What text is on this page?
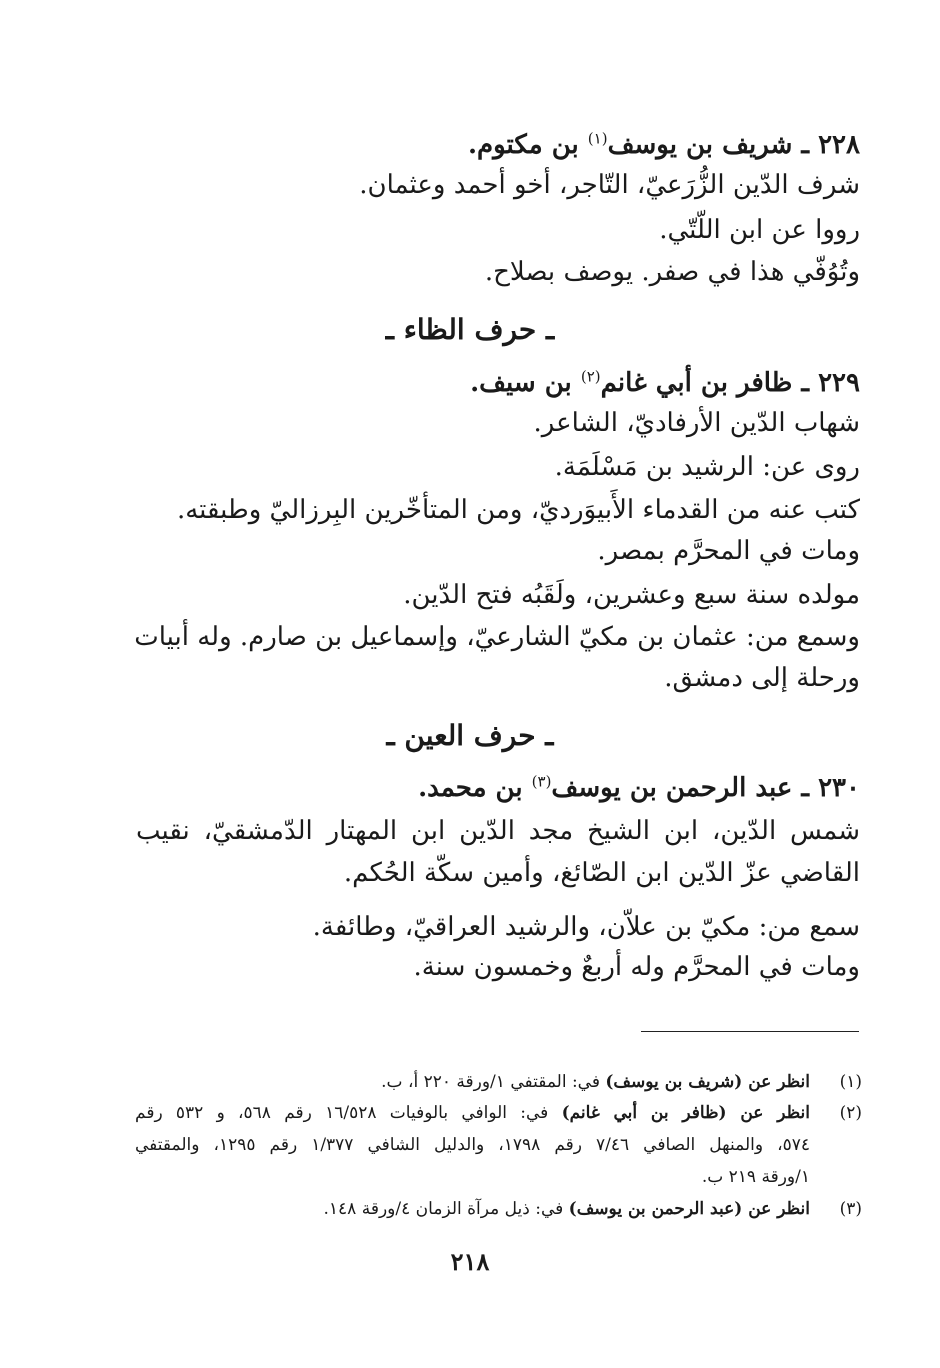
٢٢٨ ـ شريف بن يوسف$^{(١)}$ بن مكتوم.
شرف الدّين الزُّرَعيّ، التّاجر، أخو أحمد وعثمان.
رووا عن ابن اللّتّي.
وتُوُفّي هذا في صفر. يوصف بصلاح.
ـ حرف الظاء ـ
٢٢٩ ـ ظافر بن أبي غانم$^{(٢)}$ بن سيف.
شهاب الدّين الأرفاديّ، الشاعر.
روى عن: الرشيد بن مَسْلَمَة.
كتب عنه من القدماء الأَبيوَرديّ، ومن المتأخّرين البِرزاليّ وطبقته.
ومات في المحرَّم بمصر.
مولده سنة سبع وعشرين، ولَقَبُه فتح الدّين.
وسمع من: عثمان بن مكيّ الشارعيّ، وإسماعيل بن صارم. وله أبيات
ورحلة إلى دمشق.
ـ حرف العين ـ
٢٣٠ ـ عبد الرحمن بن يوسف$^{(٣)}$ بن محمد.
شمس الدّين، ابن الشيخ مجد الدّين ابن المهتار الدّمشقيّ، نقيب
القاضي عزّ الدّين ابن الصّائغ، وأمين سكّة الحُكم.
سمع من: مكيّ بن علاّن، والرشيد العراقيّ، وطائفة.
ومات في المحرَّم وله أربعٌ وخمسون سنة.
(١)
انظر عن (شريف بن يوسف) في: المقتفي ١/ورقة ٢٢٠ أ، ب.
(٢)
انظر عن (ظافر بن أبي غانم) في: الوافي بالوفيات ١٦/٥٢٨ رقم ٥٦٨، و ٥٣٢ رقم
٥٧٤، والمنهل الصافي ٧/٤٦ رقم ١٧٩٨، والدليل الشافي ١/٣٧٧ رقم ١٢٩٥، والمقتفي
١/ورقة ٢١٩ ب.
(٣)
انظر عن (عبد الرحمن بن يوسف) في: ذيل مرآة الزمان ٤/ورقة ١٤٨.
٢١٨
